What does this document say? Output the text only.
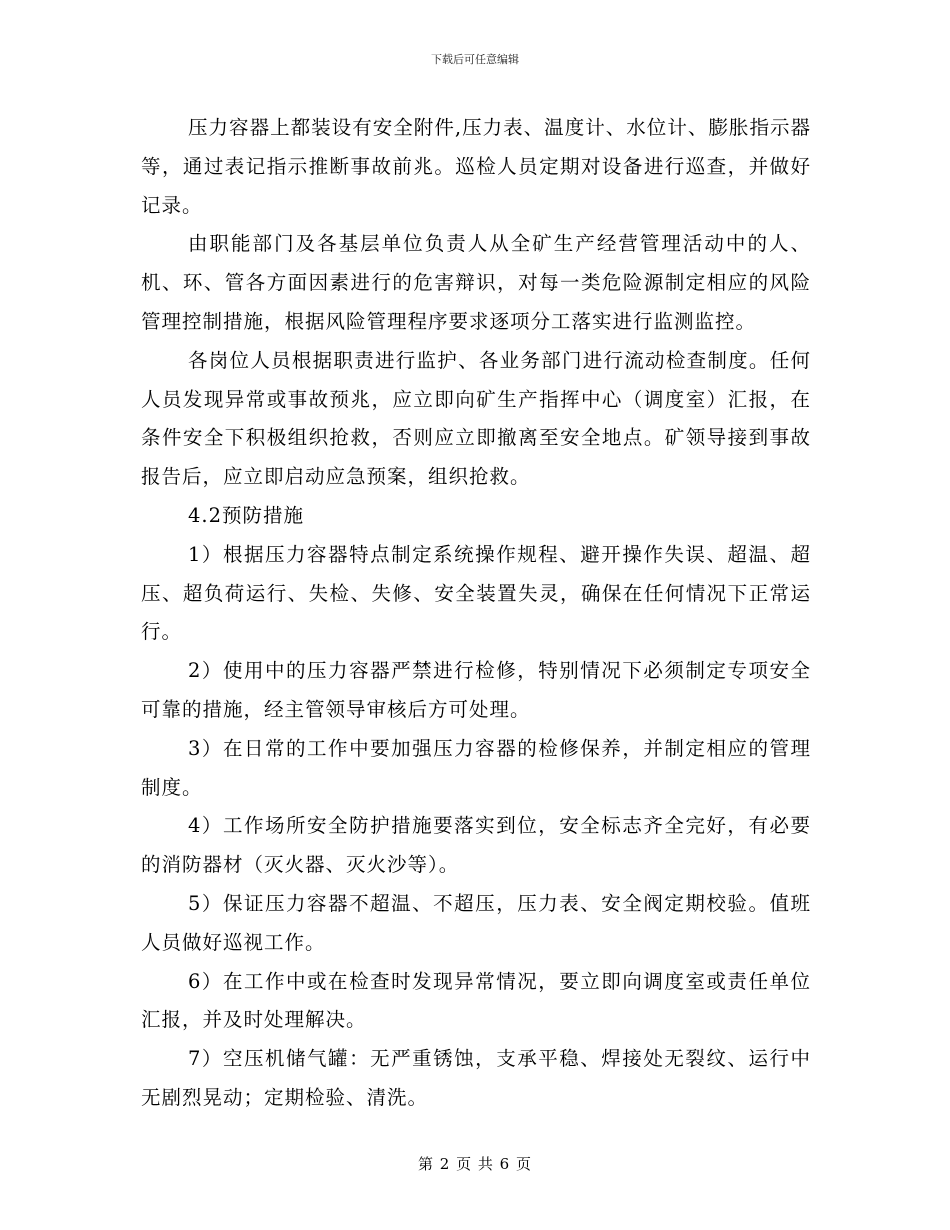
下载后可任意编辑

压力容器上都装设有安全附件,压力表、温度计、水位计、膨胀指示器等，通过表记指示推断事故前兆。巡检人员定期对设备进行巡查，并做好记录。

由职能部门及各基层单位负责人从全矿生产经营管理活动中的人、机、环、管各方面因素进行的危害辩识，对每一类危险源制定相应的风险管理控制措施，根据风险管理程序要求逐项分工落实进行监测监控。

各岗位人员根据职责进行监护、各业务部门进行流动检查制度。任何人员发现异常或事故预兆，应立即向矿生产指挥中心（调度室）汇报，在条件安全下积极组织抢救，否则应立即撤离至安全地点。矿领导接到事故报告后，应立即启动应急预案，组织抢救。

4.2预防措施

1）根据压力容器特点制定系统操作规程、避开操作失误、超温、超压、超负荷运行、失检、失修、安全装置失灵，确保在任何情况下正常运行。

2）使用中的压力容器严禁进行检修，特别情况下必须制定专项安全可靠的措施，经主管领导审核后方可处理。

3）在日常的工作中要加强压力容器的检修保养，并制定相应的管理制度。

4）工作场所安全防护措施要落实到位，安全标志齐全完好，有必要的消防器材（灭火器、灭火沙等）。

5）保证压力容器不超温、不超压，压力表、安全阀定期校验。值班人员做好巡视工作。

6）在工作中或在检查时发现异常情况，要立即向调度室或责任单位汇报，并及时处理解决。

7）空压机储气罐：无严重锈蚀，支承平稳、焊接处无裂纹、运行中无剧烈晃动；定期检验、清洗。

第 2 页 共 6 页
